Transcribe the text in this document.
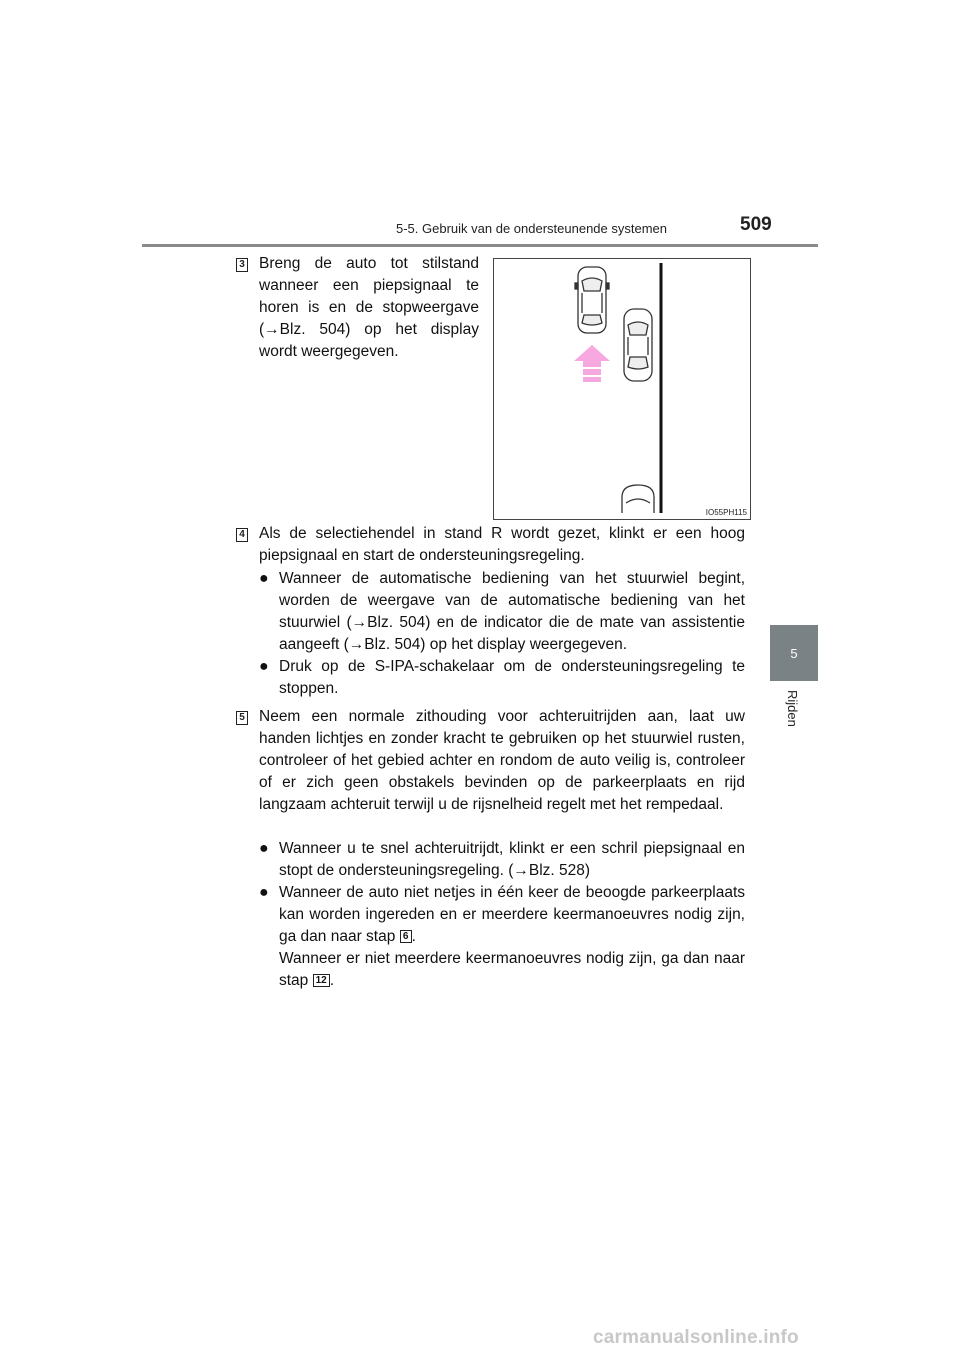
5-5. Gebruik van de ondersteunende systemen	509
5
Rijden
3 Breng de auto tot stilstand wanneer een piepsignaal te horen is en de stopweergave (→Blz. 504) op het display wordt weergegeven.
IO55PH115
4 Als de selectiehendel in stand R wordt gezet, klinkt er een hoog piepsignaal en start de ondersteuningsregeling.
● Wanneer de automatische bediening van het stuurwiel begint, worden de weergave van de automatische bediening van het stuurwiel (→Blz. 504) en de indicator die de mate van assistentie aangeeft (→Blz. 504) op het display weergegeven.
● Druk op de S-IPA-schakelaar om de ondersteuningsregeling te stoppen.
5 Neem een normale zithouding voor achteruitrijden aan, laat uw handen lichtjes en zonder kracht te gebruiken op het stuurwiel rusten, controleer of het gebied achter en rondom de auto veilig is, controleer of er zich geen obstakels bevinden op de parkeerplaats en rijd langzaam achteruit terwijl u de rijsnelheid regelt met het rempedaal.
● Wanneer u te snel achteruitrijdt, klinkt er een schril piepsignaal en stopt de ondersteuningsregeling. (→Blz. 528)
● Wanneer de auto niet netjes in één keer de beoogde parkeerplaats kan worden ingereden en er meerdere keermanoeuvres nodig zijn, ga dan naar stap 6 .
Wanneer er niet meerdere keermanoeuvres nodig zijn, ga dan naar stap 12 .
carmanualsonline.info
